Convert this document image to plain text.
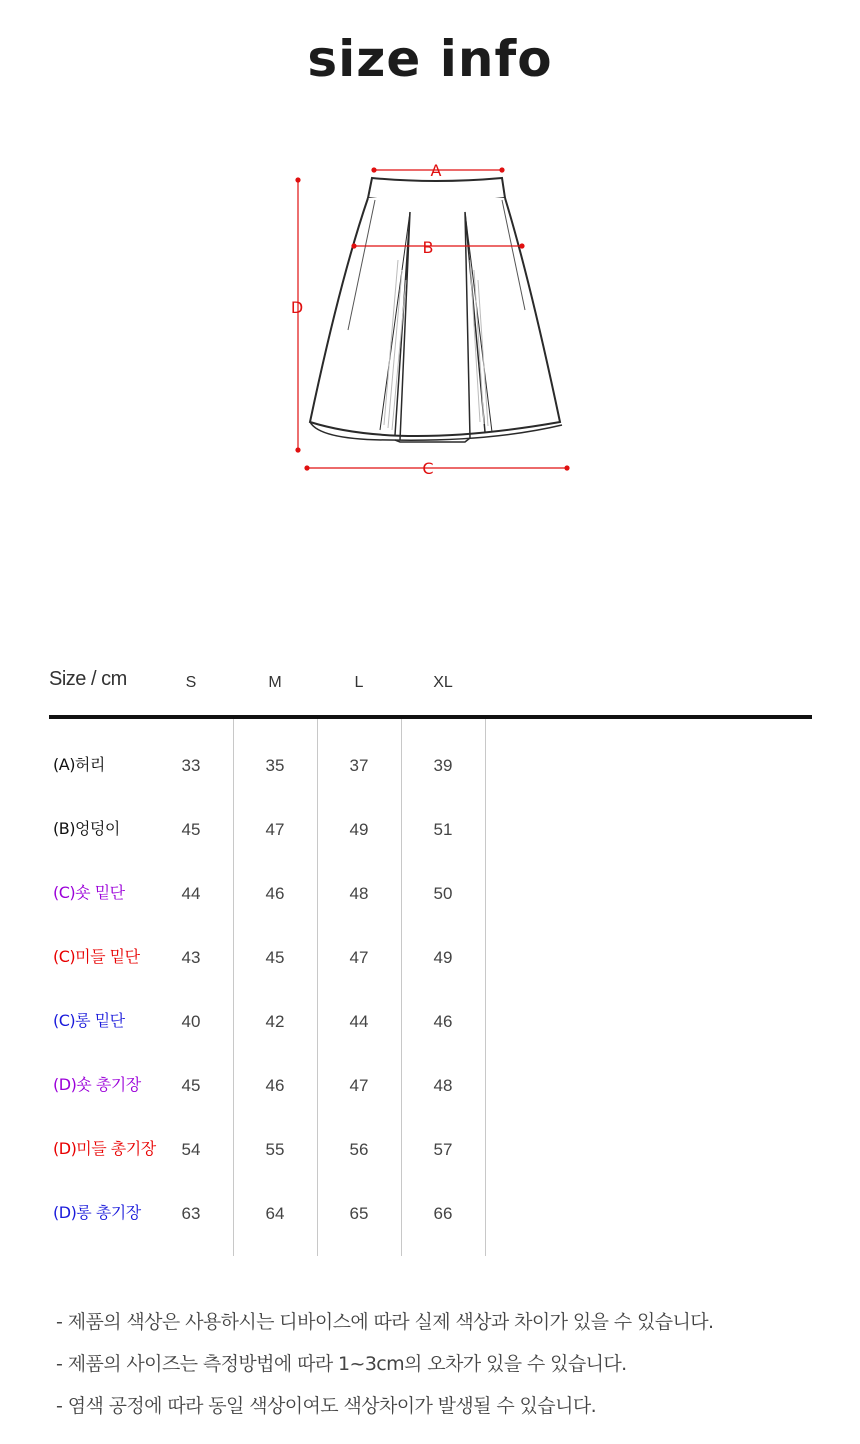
size info
A
B
C
D
Size / cm	S	M	L	XL
(A)허리	33	35	37	39
(B)엉덩이	45	47	49	51
(C)숏 밑단	44	46	48	50
(C)미들 밑단	43	45	47	49
(C)롱 밑단	40	42	44	46
(D)숏 총기장	45	46	47	48
(D)미들 총기장	54	55	56	57
(D)롱 총기장	63	64	65	66
- 제품의 색상은 사용하시는 디바이스에 따라 실제 색상과 차이가 있을 수 있습니다.
- 제품의 사이즈는 측정방법에 따라 1~3cm의 오차가 있을 수 있습니다.
- 염색 공정에 따라 동일 색상이여도 색상차이가 발생될 수 있습니다.
